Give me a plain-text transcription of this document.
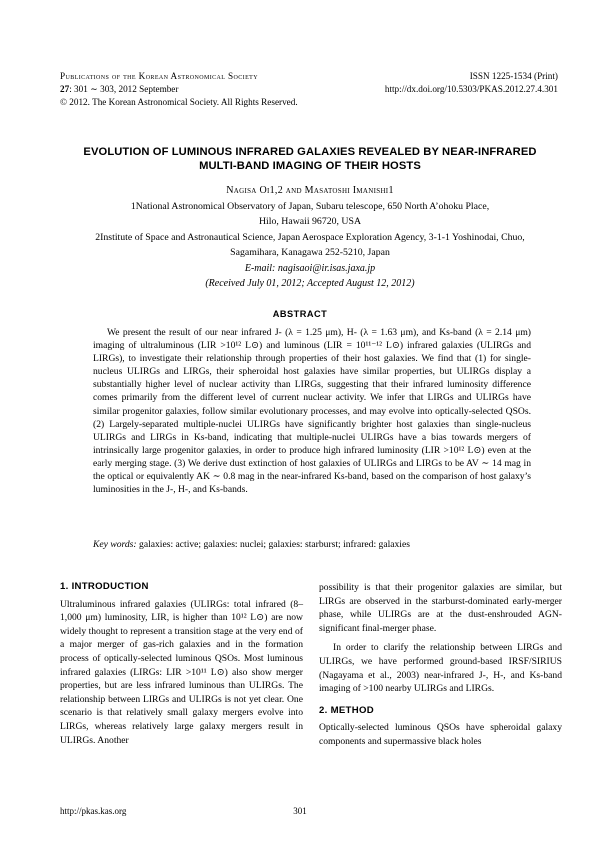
Publications of the Korean Astronomical Society
27: 301 ∼ 303, 2012 September
© 2012. The Korean Astronomical Society. All Rights Reserved.
ISSN 1225-1534 (Print)
http://dx.doi.org/10.5303/PKAS.2012.27.4.301
EVOLUTION OF LUMINOUS INFRARED GALAXIES REVEALED BY NEAR-INFRARED
MULTI-BAND IMAGING OF THEIR HOSTS
Nagisa Oi1,2 and Masatoshi Imanishi1
1National Astronomical Observatory of Japan, Subaru telescope, 650 North A’ohoku Place,
Hilo, Hawaii 96720, USA
2Institute of Space and Astronautical Science, Japan Aerospace Exploration Agency, 3-1-1 Yoshinodai, Chuo,
Sagamihara, Kanagawa 252-5210, Japan
E-mail: nagisaoi@ir.isas.jaxa.jp
(Received July 01, 2012; Accepted August 12, 2012)
ABSTRACT
We present the result of our near infrared J- (λ = 1.25 μm), H- (λ = 1.63 μm), and Ks-band (λ = 2.14 μm) imaging of ultraluminous (LIR >10¹² L⊙) and luminous (LIR = 10¹¹⁻¹² L⊙) infrared galaxies (ULIRGs and LIRGs), to investigate their relationship through properties of their host galaxies. We find that (1) for single-nucleus ULIRGs and LIRGs, their spheroidal host galaxies have similar properties, but ULIRGs display a substantially higher level of nuclear activity than LIRGs, suggesting that their infrared luminosity difference comes primarily from the different level of current nuclear activity. We infer that LIRGs and ULIRGs have similar progenitor galaxies, follow similar evolutionary processes, and may evolve into optically-selected QSOs. (2) Largely-separated multiple-nuclei ULIRGs have significantly brighter host galaxies than single-nucleus ULIRGs and LIRGs in Ks-band, indicating that multiple-nuclei ULIRGs have a bias towards mergers of intrinsically large progenitor galaxies, in order to produce high infrared luminosity (LIR >10¹² L⊙) even at the early merging stage. (3) We derive dust extinction of host galaxies of ULIRGs and LIRGs to be AV ∼ 14 mag in the optical or equivalently AK ∼ 0.8 mag in the near-infrared Ks-band, based on the comparison of host galaxy’s luminosities in the J-, H-, and Ks-bands.
Key words: galaxies: active; galaxies: nuclei; galaxies: starburst; infrared: galaxies
1. INTRODUCTION

Ultraluminous infrared galaxies (ULIRGs: total infrared (8–1,000 μm) luminosity, LIR, is higher than 10¹² L⊙) are now widely thought to represent a transition stage at the very end of a major merger of gas-rich galaxies and in the formation process of optically-selected luminous QSOs. Most luminous infrared galaxies (LIRGs: LIR >10¹¹ L⊙) also show merger properties, but are less infrared luminous than ULIRGs. The relationship between LIRGs and ULIRGs is not yet clear. One scenario is that relatively small galaxy mergers evolve into LIRGs, whereas relatively large galaxy mergers result in ULIRGs. Another

possibility is that their progenitor galaxies are similar, but LIRGs are observed in the starburst-dominated early-merger phase, while ULIRGs are at the dust-enshrouded AGN-significant final-merger phase.

In order to clarify the relationship between LIRGs and ULIRGs, we have performed ground-based IRSF/SIRIUS (Nagayama et al., 2003) near-infrared J-, H-, and Ks-band imaging of >100 nearby ULIRGs and LIRGs.

2. METHOD

Optically-selected luminous QSOs have spheroidal galaxy components and supermassive black holes

http://pkas.kas.org	301
